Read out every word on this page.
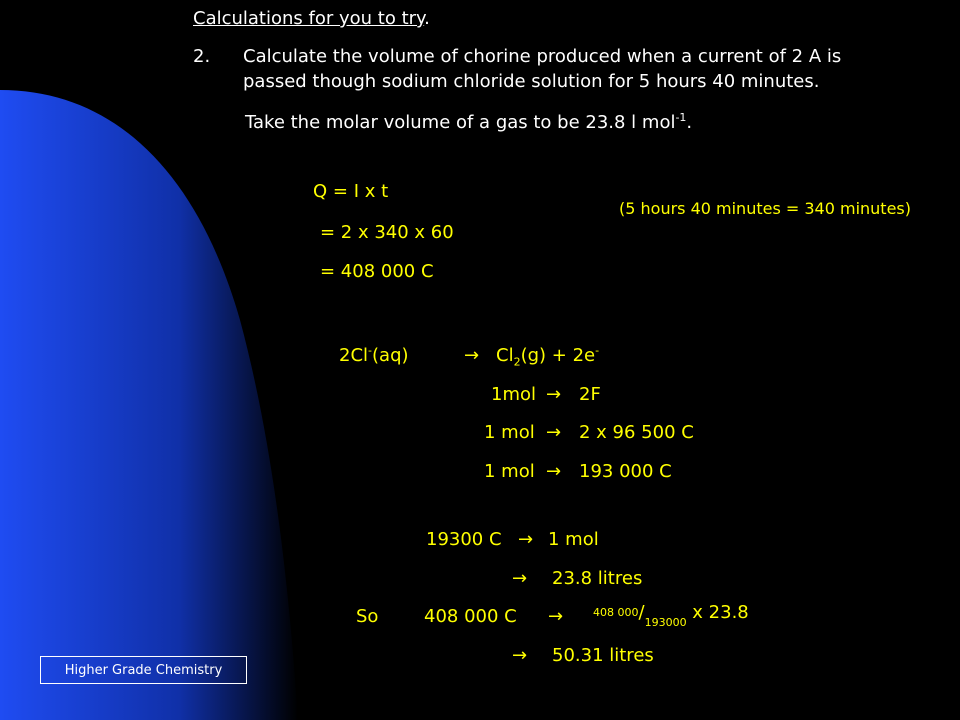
Calculations for you to try.
2. Calculate the volume of chorine produced when a current of 2 A is
passed though sodium chloride solution for 5 hours 40 minutes.
Take the molar volume of a gas to be 23.8 l mol$^{-1}$.
Q = I x t
(5 hours 40 minutes = 340 minutes)
= 2 x 340 x 60
= 408 000 C
2Cl-(aq)	→ $Cl_2(g) + 2e^-$
1mol → 2F
1 mol → 2 x 96 500 C
1 mol → 193 000 C
19300 C → 1 mol
→ 23.8 litres
So	408 000 C →	408 $000/_{193000}$ x 23.8
→ 50.31 litres
Higher Grade Chemistry
